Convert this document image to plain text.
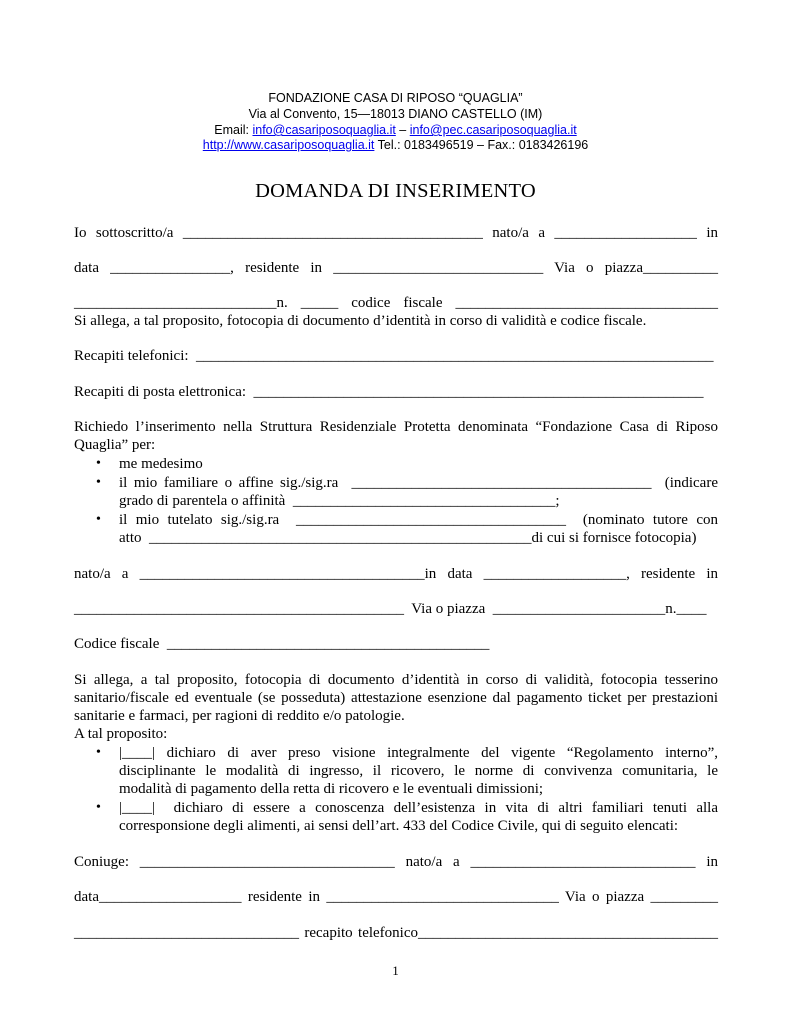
FONDAZIONE CASA DI RIPOSO “QUAGLIA”
Via al Convento, 15—18013 DIANO CASTELLO (IM)
Email: info@casariposoquaglia.it – info@pec.casariposoquaglia.it
http://www.casariposoquaglia.it Tel.: 0183496519 – Fax.: 0183426196
DOMANDA DI INSERIMENTO
Io sottoscritto/a ________________________________________ nato/a a ___________________ in
data ________________, residente in ____________________________ Via o piazza__________
___________________________n. _____ codice fiscale ___________________________________
Si allega, a tal proposito, fotocopia di documento d’identità in corso di validità e codice fiscale.
Recapiti telefonici:  _____________________________________________________________________
Recapiti di posta elettronica:  ____________________________________________________________
Richiedo l’inserimento nella Struttura Residenziale Protetta denominata “Fondazione Casa di Riposo
Quaglia” per:
• me medesimo
• il mio familiare o affine sig./sig.ra  ________________________________________  (indicare
grado di parentela o affinità  ___________________________________;
• il mio tutelato sig./sig.ra  ____________________________________  (nominato tutore con
atto  ___________________________________________________di cui si fornisce fotocopia)
nato/a a ______________________________________in data ___________________, residente in
____________________________________________  Via o piazza  _______________________n.____
Codice fiscale  ___________________________________________
Si allega, a tal proposito, fotocopia di documento d’identità in corso di validità, fotocopia tesserino
sanitario/fiscale ed eventuale (se posseduta) attestazione esenzione dal pagamento ticket per prestazioni
sanitarie e farmaci, per ragioni di reddito e/o patologie.
A tal proposito:
• |____|  dichiaro  di  aver  preso  visione  integralmente  del  vigente  “Regolamento  interno”,
disciplinante  le  modalità  di  ingresso,  il  ricovero,  le  norme  di  convivenza  comunitaria,  le
modalità di pagamento della retta di ricovero e le eventuali dimissioni;
• |____|    dichiaro  di  essere  a  conoscenza  dell’esistenza  in  vita  di  altri  familiari  tenuti  alla
corresponsione degli alimenti, ai sensi dell’art. 433 del Codice Civile, qui di seguito elencati:
Coniuge: __________________________________ nato/a a ______________________________ in
data___________________ residente in _______________________________ Via o piazza _________
______________________________ recapito telefonico________________________________________
1
